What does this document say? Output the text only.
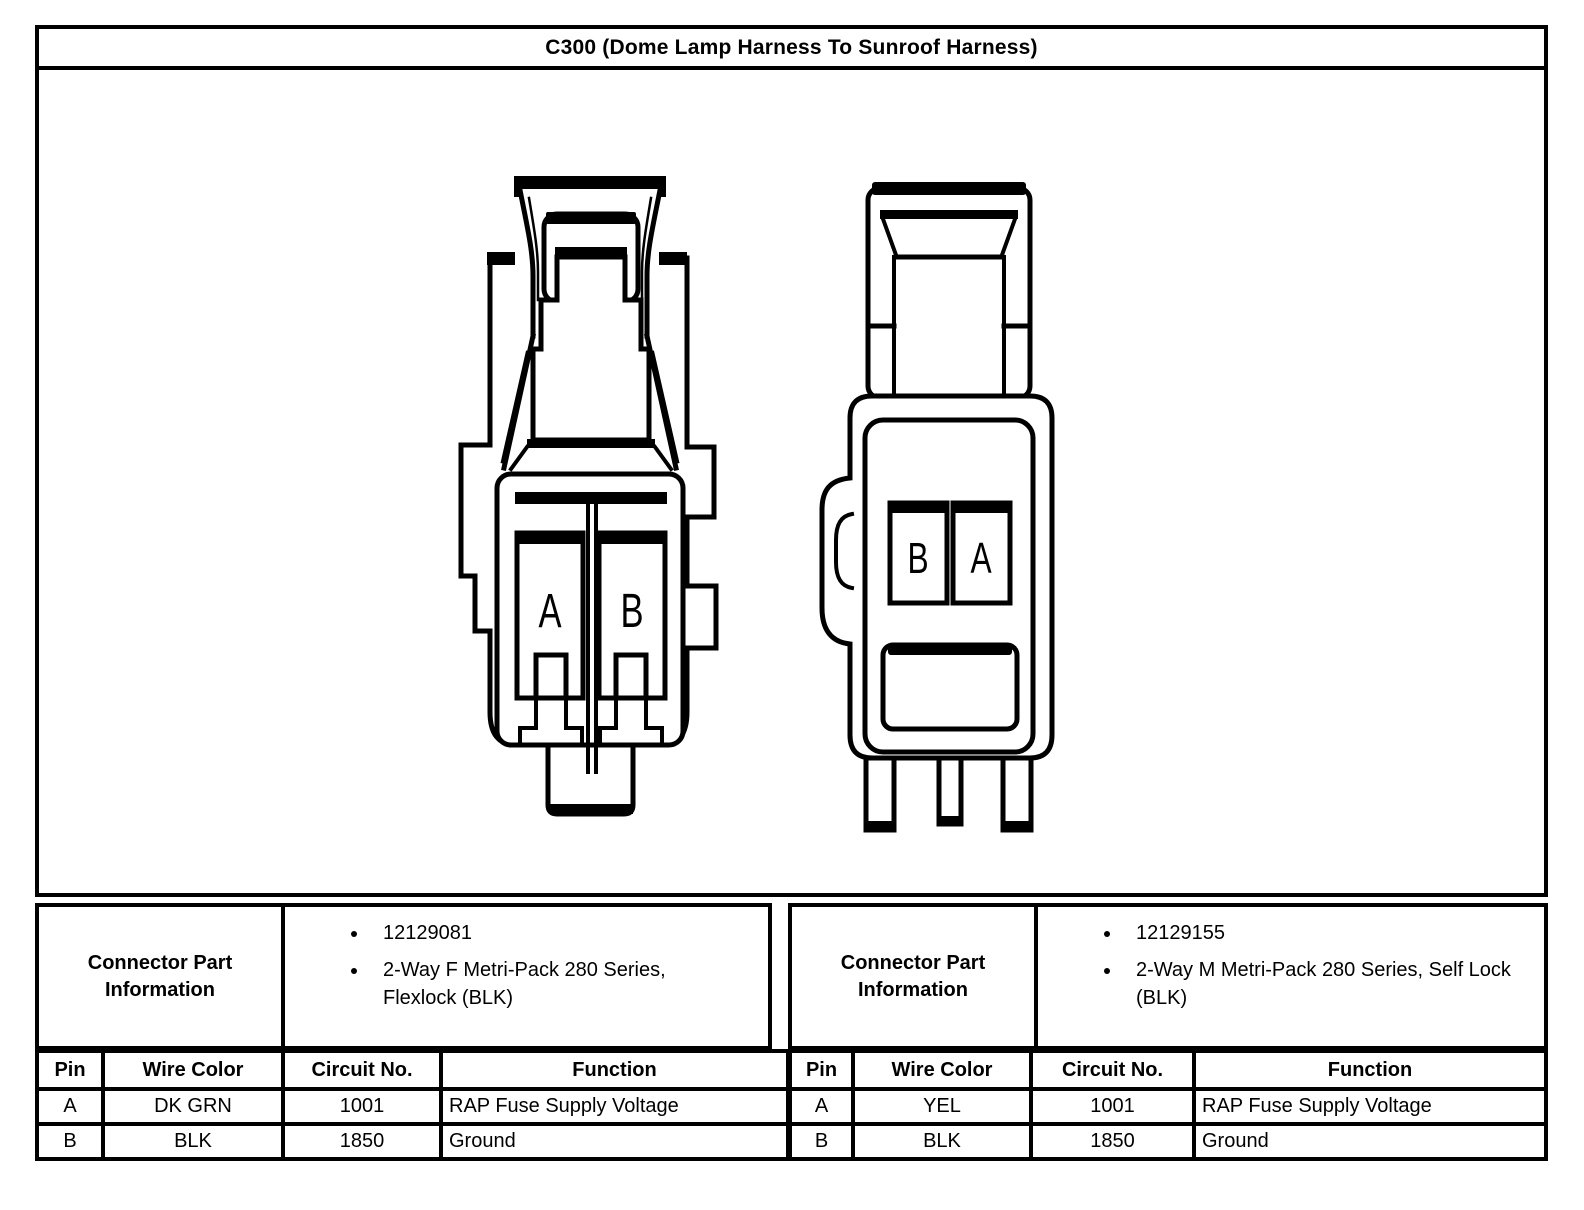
C300 (Dome Lamp Harness To Sunroof Harness)
A B
B A
Connector Part Information
• 12129081
• 2-Way F Metri-Pack 280 Series, Flexlock (BLK)
Connector Part Information
• 12129155
• 2-Way M Metri-Pack 280 Series, Self Lock (BLK)
Pin	Wire Color	Circuit No.	Function
A	DK GRN	1001	RAP Fuse Supply Voltage
B	BLK	1850	Ground
Pin	Wire Color	Circuit No.	Function
A	YEL	1001	RAP Fuse Supply Voltage
B	BLK	1850	Ground
